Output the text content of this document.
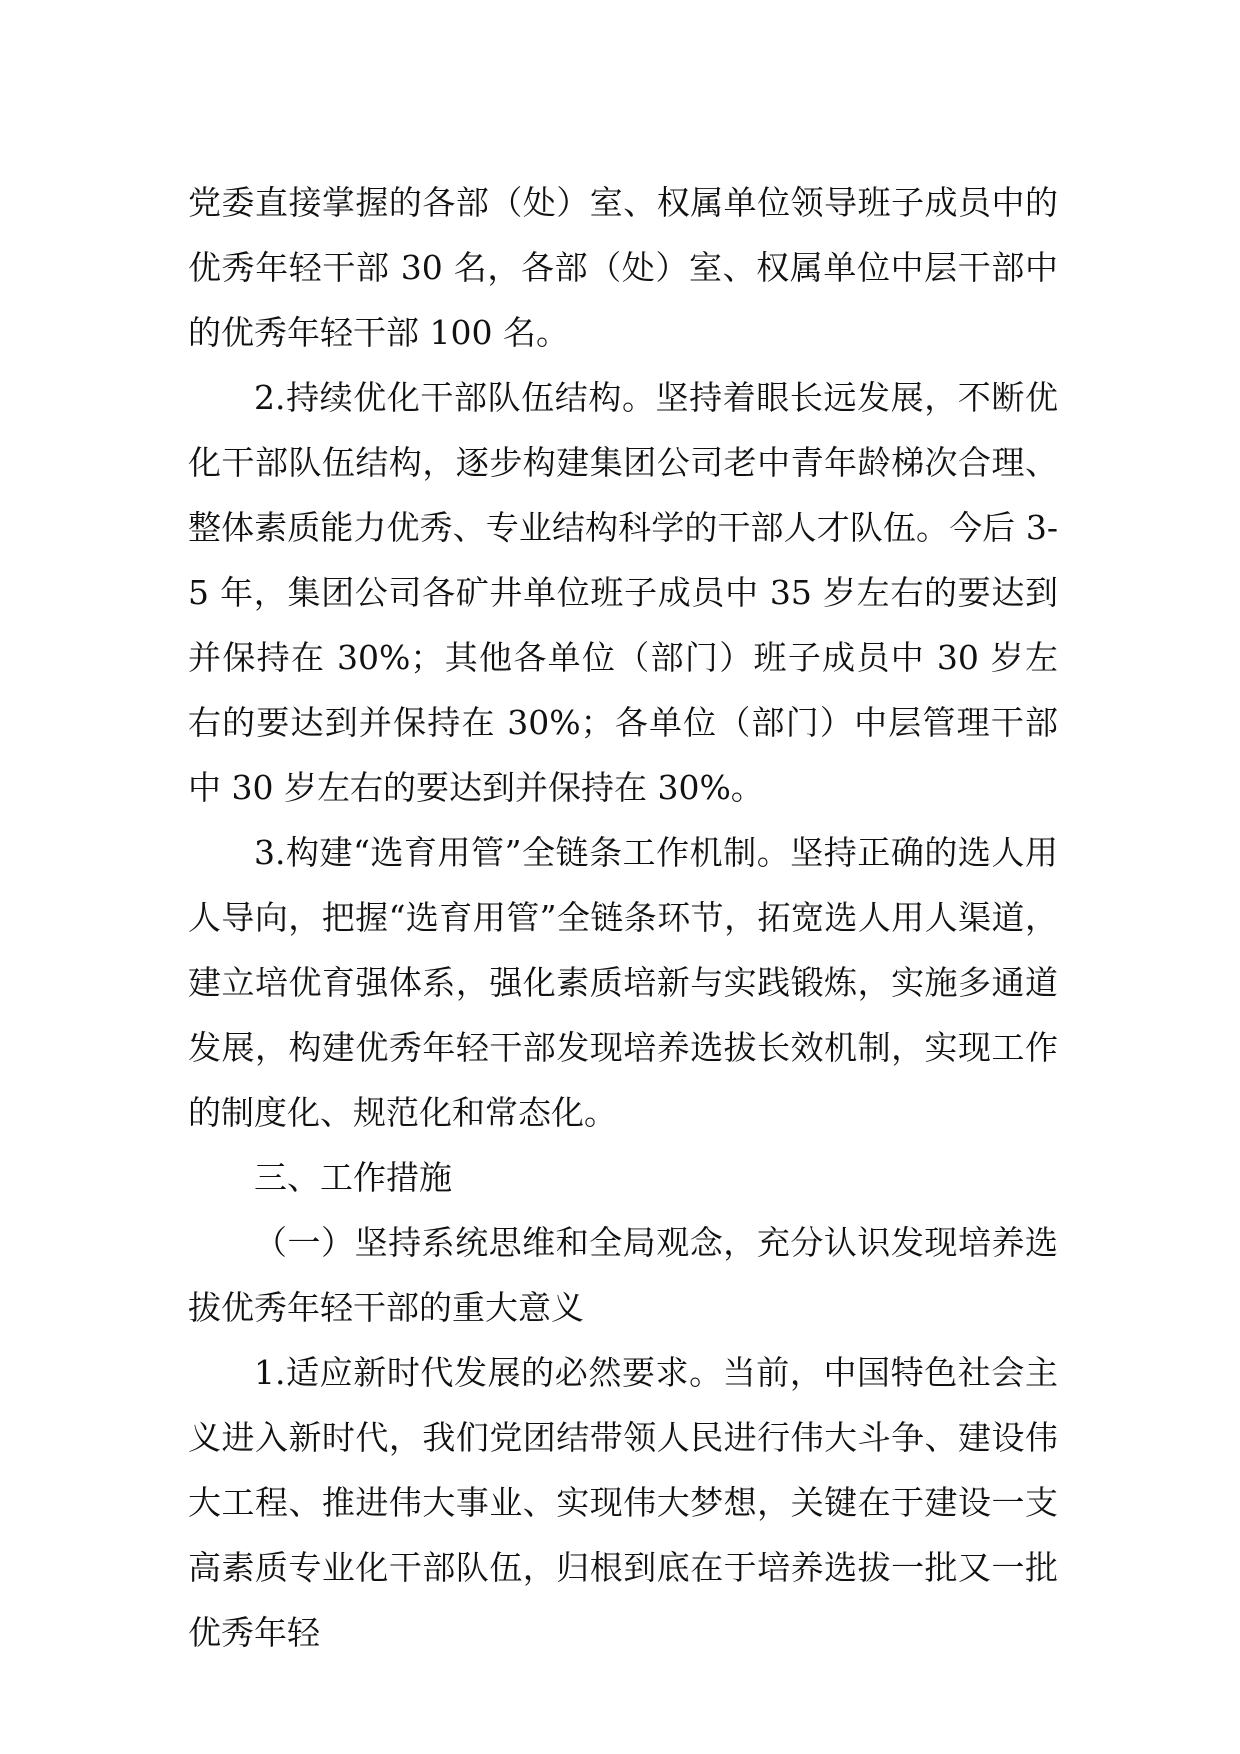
党委直接掌握的各部（处）室、权属单位领导班子成员中的优秀年轻干部 30 名，各部（处）室、权属单位中层干部中的优秀年轻干部 100 名。

2.持续优化干部队伍结构。坚持着眼长远发展，不断优化干部队伍结构，逐步构建集团公司老中青年龄梯次合理、整体素质能力优秀、专业结构科学的干部人才队伍。今后 3-5 年，集团公司各矿井单位班子成员中 35 岁左右的要达到并保持在 30%；其他各单位（部门）班子成员中 30 岁左右的要达到并保持在 30%；各单位（部门）中层管理干部中 30 岁左右的要达到并保持在 30%。

3.构建“选育用管”全链条工作机制。坚持正确的选人用人导向，把握“选育用管”全链条环节，拓宽选人用人渠道，建立培优育强体系，强化素质培新与实践锻炼，实施多通道发展，构建优秀年轻干部发现培养选拔长效机制，实现工作的制度化、规范化和常态化。

三、工作措施

（一）坚持系统思维和全局观念，充分认识发现培养选拔优秀年轻干部的重大意义

1.适应新时代发展的必然要求。当前，中国特色社会主义进入新时代，我们党团结带领人民进行伟大斗争、建设伟大工程、推进伟大事业、实现伟大梦想，关键在于建设一支高素质专业化干部队伍，归根到底在于培养选拔一批又一批优秀年轻
